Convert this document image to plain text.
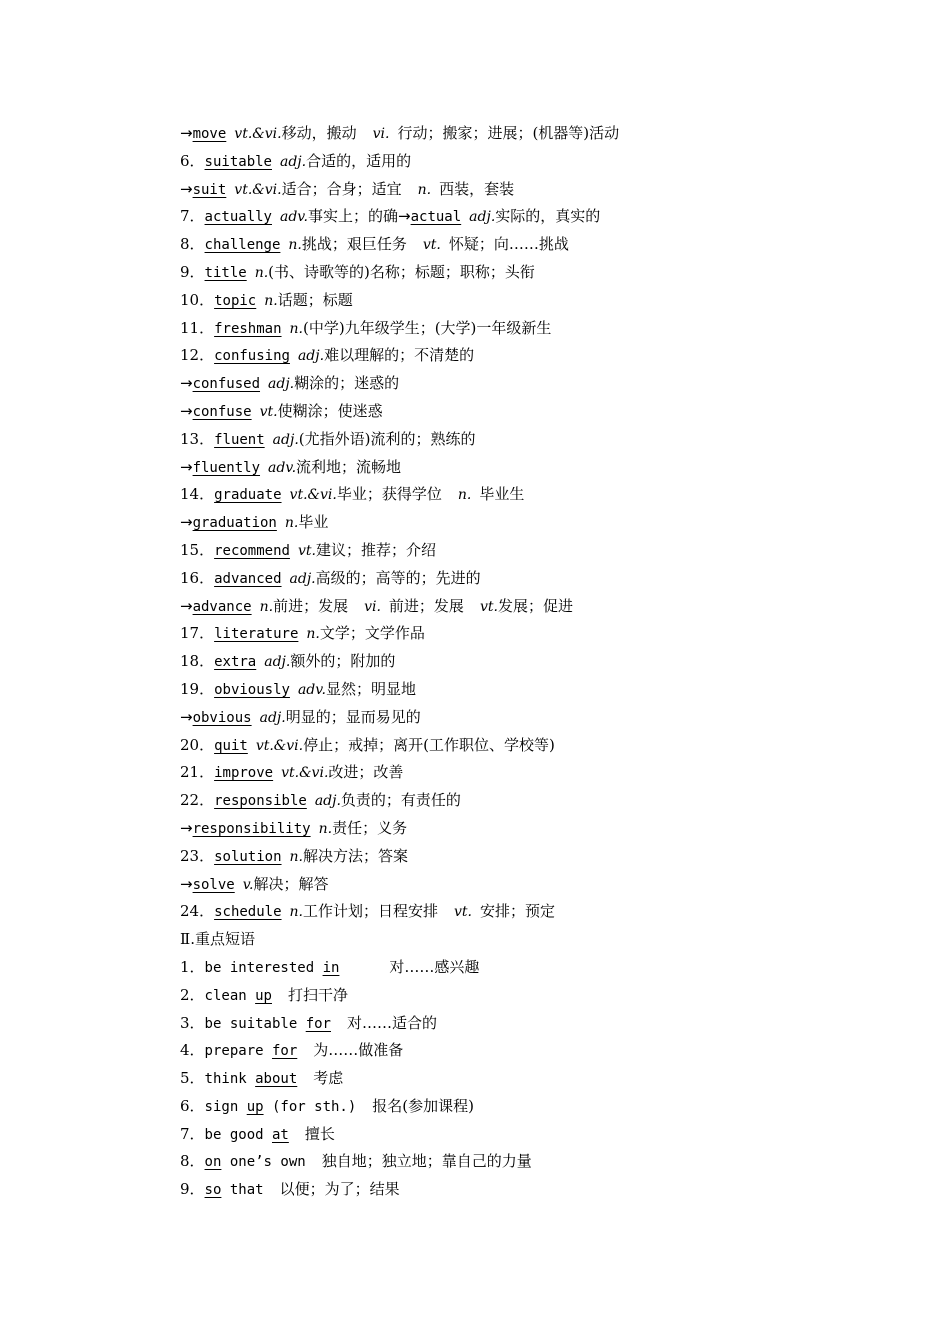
→move vt.&vi.移动，搬动 vi. 行动；搬家；进展；(机器等)活动
6．suitable adj.合适的，适用的
→suit vt.&vi.适合；合身；适宜 n. 西装，套装
7．actually adv.事实上；的确→actual adj.实际的，真实的
8．challenge n.挑战；艰巨任务 vt. 怀疑；向……挑战
9．title n.(书、诗歌等的)名称；标题；职称；头衔
10．topic n.话题；标题
11．freshman n.(中学)九年级学生；(大学)一年级新生
12．confusing adj.难以理解的；不清楚的
→confused adj.糊涂的；迷惑的
→confuse vt.使糊涂；使迷惑
13．fluent adj.(尤指外语)流利的；熟练的
→fluently adv.流利地；流畅地
14．graduate vt.&vi.毕业；获得学位 n. 毕业生
→graduation n.毕业
15．recommend vt.建议；推荐；介绍
16．advanced adj.高级的；高等的；先进的
→advance n.前进；发展 vi. 前进；发展 vt.发展；促进
17．literature n.文学；文学作品
18．extra adj.额外的；附加的
19．obviously adv.显然；明显地
→obvious adj.明显的；显而易见的
20．quit vt.&vi.停止；戒掉；离开(工作职位、学校等)
21．improve vt.&vi.改进；改善
22．responsible adj.负责的；有责任的
→responsibility n.责任；义务
23．solution n.解决方法；答案
→solve v.解决；解答
24．schedule n.工作计划；日程安排 vt. 安排；预定
Ⅱ.重点短语
1．be interested in	对……感兴趣
2．clean up 打扫干净
3．be suitable for 对……适合的
4．prepare for 为……做准备
5．think about 考虑
6．sign up (for sth.) 报名(参加课程)
7．be good at 擅长
8．on one’s own 独自地；独立地；靠自己的力量
9．so that 以便；为了；结果
